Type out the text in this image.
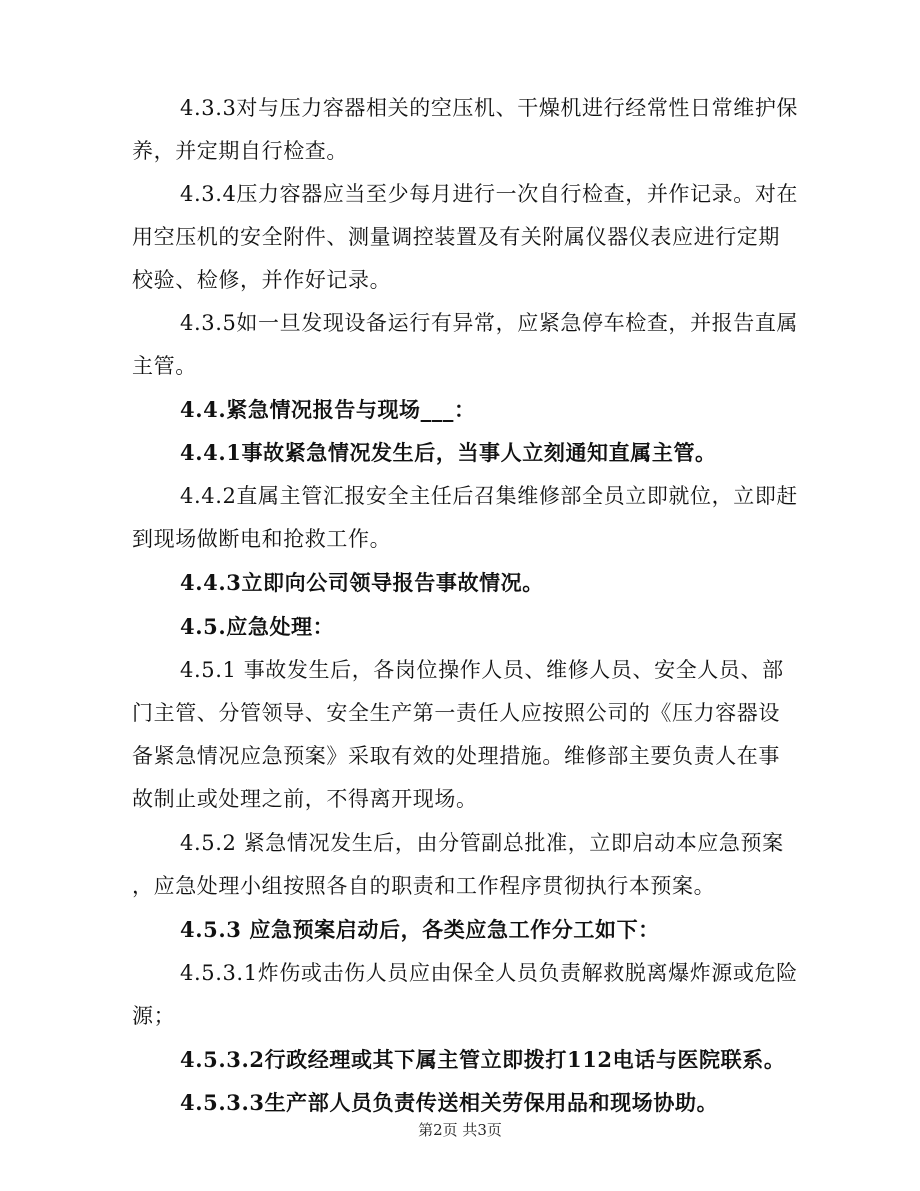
4.3.3对与压力容器相关的空压机、干燥机进行经常性日常维护保
养，并定期自行检查。
4.3.4压力容器应当至少每月进行一次自行检查，并作记录。对在
用空压机的安全附件、测量调控装置及有关附属仪器仪表应进行定期
校验、检修，并作好记录。
4.3.5如一旦发现设备运行有异常，应紧急停车检查，并报告直属
主管。
4.4.紧急情况报告与现场___：
4.4.1事故紧急情况发生后，当事人立刻通知直属主管。
4.4.2直属主管汇报安全主任后召集维修部全员立即就位，立即赶
到现场做断电和抢救工作。
4.4.3立即向公司领导报告事故情况。
4.5.应急处理：
4.5.1 事故发生后，各岗位操作人员、维修人员、安全人员、部
门主管、分管领导、安全生产第一责任人应按照公司的《压力容器设
备紧急情况应急预案》采取有效的处理措施。维修部主要负责人在事
故制止或处理之前，不得离开现场。
4.5.2 紧急情况发生后，由分管副总批准，立即启动本应急预案
，应急处理小组按照各自的职责和工作程序贯彻执行本预案。
4.5.3 应急预案启动后，各类应急工作分工如下：
4.5.3.1炸伤或击伤人员应由保全人员负责解救脱离爆炸源或危险
源；
4.5.3.2行政经理或其下属主管立即拨打112电话与医院联系。
4.5.3.3生产部人员负责传送相关劳保用品和现场协助。
第2页 共3页
